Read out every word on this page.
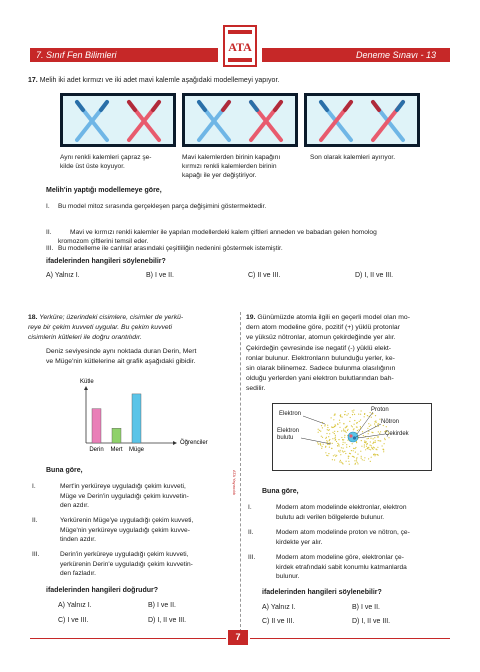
7. Sınıf Fen Bilimleri	Deneme Sınavı - 13
ATA
17. Melih iki adet kırmızı ve iki adet mavi kalemle aşağıdaki modellemeyi yapıyor.
Aynı renkli kalemleri çapraz şe-
kilde üst üste koyuyor.
Mavi kalemlerden birinin kapağını
kırmızı renkli kalemlerden birinin
kapağı ile yer değiştiriyor.
Son olarak kalemleri ayırıyor.
Melih'in yaptığı modellemeye göre,
I. Bu model mitoz sırasında gerçekleşen parça değişimini göstermektedir.

II.	Mavi ve kırmızı renkli kalemler ile yapılan modellerdeki kalem çiftleri anneden ve babadan gelen homolog
kromozom çiftlerini temsil eder.

III. Bu modelleme ile canlılar arasındaki çeşitliliğin nedenini göstermek istemiştir.
ifadelerinden hangileri söylenebilir?
A) Yalnız I.	B) I ve II.	C) II ve III.	D) I, II ve III.
ATA Yayıncılık
18. Yerküre; üzerindeki cisimlere, cisimler de yerkü-
reye bir çekim kuvveti uygular. Bu çekim kuvveti
cisimlerin kütleleri ile doğru orantılıdır.
Deniz seviyesinde aynı noktada duran Derin, Mert
ve Müge'nin kütlelerine ait grafik aşağıdaki gibidir.
Kütle
Derin Mert Müge
Öğrenciler
Buna göre,
I.	Mert'in yerküreye uyguladığı çekim kuvveti,
Müge ve Derin'in uyguladığı çekim kuvvetin-
den azdır.
II.	Yerkürenin Müge'ye uyguladığı çekim kuvveti,
Müge'nin yerküreye uyguladığı çekim kuvve-
tinden azdır.
III.	Derin'in yerküreye uyguladığı çekim kuvveti,
yerkürenin Derin'e uyguladığı çekim kuvvetin-
den fazladır.
ifadelerinden hangileri doğrudur?
A) Yalnız I.	B) I ve II.
C) I ve III.	D) I, II ve III.
19. Günümüzde atomla ilgili en geçerli model olan mo-
dern atom modeline göre, pozitif (+) yüklü protonlar
ve yüksüz nötronlar, atomun çekirdeğinde yer alır.
Çekirdeğin çevresinde ise negatif (-) yüklü elekt-
ronlar bulunur. Elektronların bulunduğu yerler, ke-
sin olarak bilinemez. Sadece bulunma olasılığının
olduğu yerlerden yani elektron bulutlarından bah-
sedilir.
Elektron
Proton
Nötron
Çekirdek
Elektron
bulutu
Buna göre,
I.	Modern atom modelinde elektronlar, elektron
bulutu adı verilen bölgelerde bulunur.
II.	Modern atom modelinde proton ve nötron, çe-
kirdekte yer alır.
III.	Modern atom modeline göre, elektronlar çe-
kirdek etrafındaki sabit konumlu katmanlarda
bulunur.
ifadelerinden hangileri söylenebilir?
A) Yalnız I.	B) I ve II.
C) II ve III.	D) I, II ve III.
7
